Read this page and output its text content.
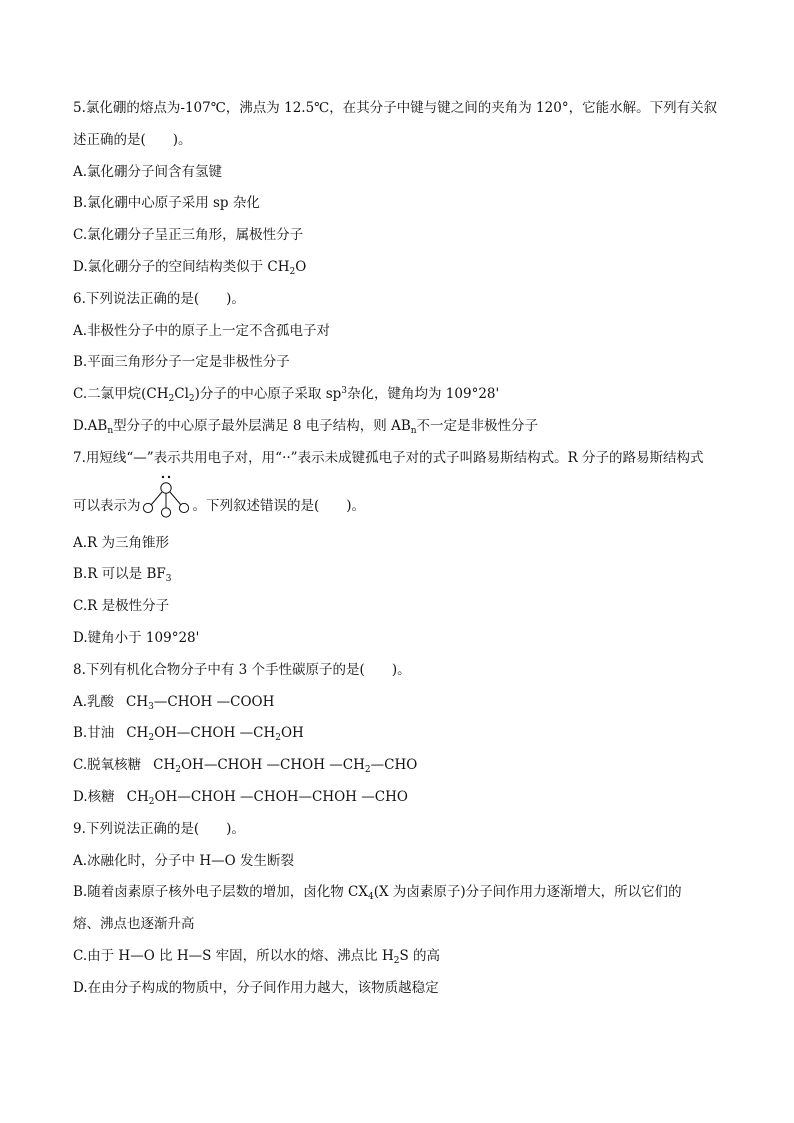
5.氯化硼的熔点为-107℃，沸点为 12.5℃，在其分子中键与键之间的夹角为 120°，它能水解。下列有关叙
述正确的是(　　)。
A.氯化硼分子间含有氢键
B.氯化硼中心原子采用 sp 杂化
C.氯化硼分子呈正三角形，属极性分子
D.氯化硼分子的空间结构类似于 $CH_2O$
6.下列说法正确的是(　　)。
A.非极性分子中的原子上一定不含孤电子对
B.平面三角形分子一定是非极性分子
C.二氯甲烷$(CH_2Cl_2)$分子的中心原子采取 $sp^3$杂化，键角均为 109°28'
$D.AB_n$型分子的中心原子最外层满足 8 电子结构，则 $AB_n$不一定是非极性分子
7.用短线“—”表示共用电子对，用“··”表示未成键孤电子对的式子叫路易斯结构式。R 分子的路易斯结构式
可以表示为	。下列叙述错误的是(　　)。
A.R 为三角锥形
B.R 可以是 $BF_3$
C.R 是极性分子
D.键角小于 109°28'
8.下列有机化合物分子中有 3 个手性碳原子的是(　　)。
A.乳酸 $CH_3—CHOH$ —COOH
B.甘油 $CH_2OH—CHOH$ $—CH_2OH$
C.脱氧核糖 $CH_2OH—CHOH$ —CHOH $—CH_2—CHO$
D.核糖 $CH_2OH—CHOH$ —CHOH—CHOH —CHO
9.下列说法正确的是(　　)。
A.冰融化时，分子中 H—O 发生断裂
B.随着卤素原子核外电子层数的增加，卤化物 $CX_4(X$ 为卤素原子)分子间作用力逐渐增大，所以它们的
熔、沸点也逐渐升高
C.由于 H—O 比 H—S 牢固，所以水的熔、沸点比 $H_2S$ 的高
D.在由分子构成的物质中，分子间作用力越大，该物质越稳定
